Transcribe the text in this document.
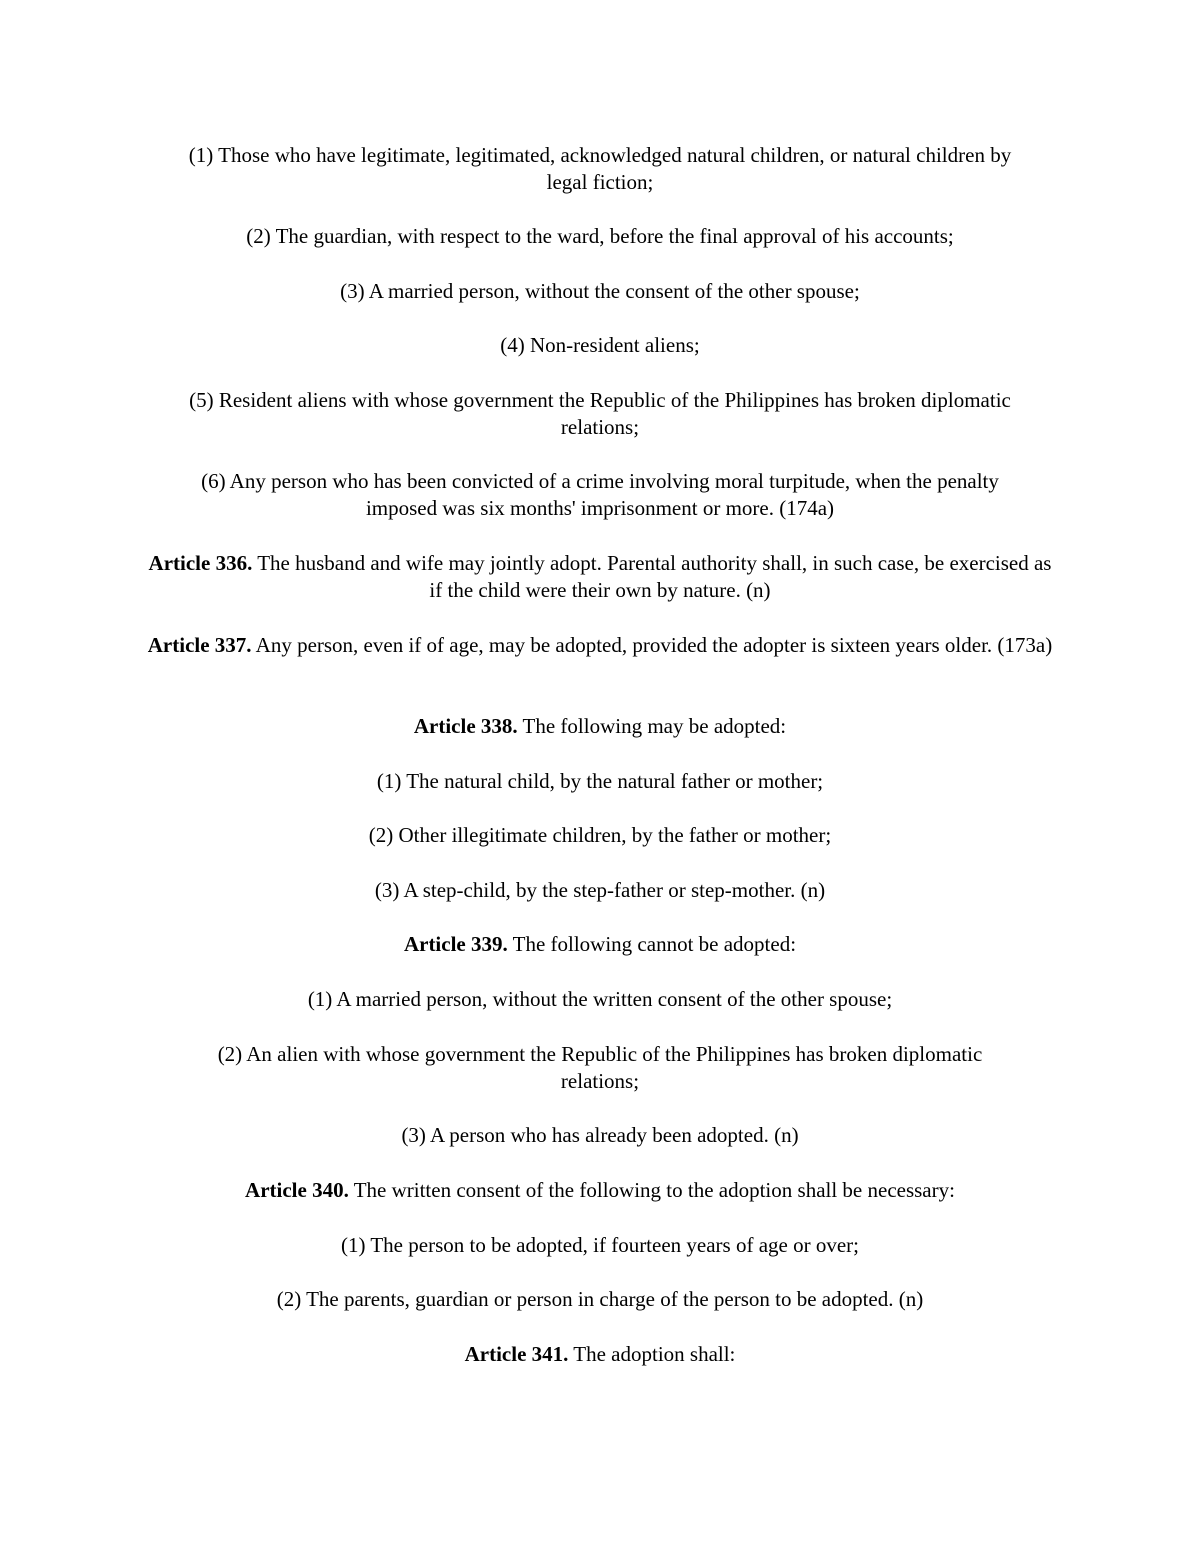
(1) Those who have legitimate, legitimated, acknowledged natural children, or natural children by legal fiction;

(2) The guardian, with respect to the ward, before the final approval of his accounts;

(3) A married person, without the consent of the other spouse;

(4) Non-resident aliens;

(5) Resident aliens with whose government the Republic of the Philippines has broken diplomatic relations;

(6) Any person who has been convicted of a crime involving moral turpitude, when the penalty imposed was six months' imprisonment or more. (174a)

Article 336. The husband and wife may jointly adopt. Parental authority shall, in such case, be exercised as if the child were their own by nature. (n)

Article 337. Any person, even if of age, may be adopted, provided the adopter is sixteen years older. (173a)

Article 338. The following may be adopted:

(1) The natural child, by the natural father or mother;

(2) Other illegitimate children, by the father or mother;

(3) A step-child, by the step-father or step-mother. (n)

Article 339. The following cannot be adopted:

(1) A married person, without the written consent of the other spouse;

(2) An alien with whose government the Republic of the Philippines has broken diplomatic relations;

(3) A person who has already been adopted. (n)

Article 340. The written consent of the following to the adoption shall be necessary:

(1) The person to be adopted, if fourteen years of age or over;

(2) The parents, guardian or person in charge of the person to be adopted. (n)

Article 341. The adoption shall:
